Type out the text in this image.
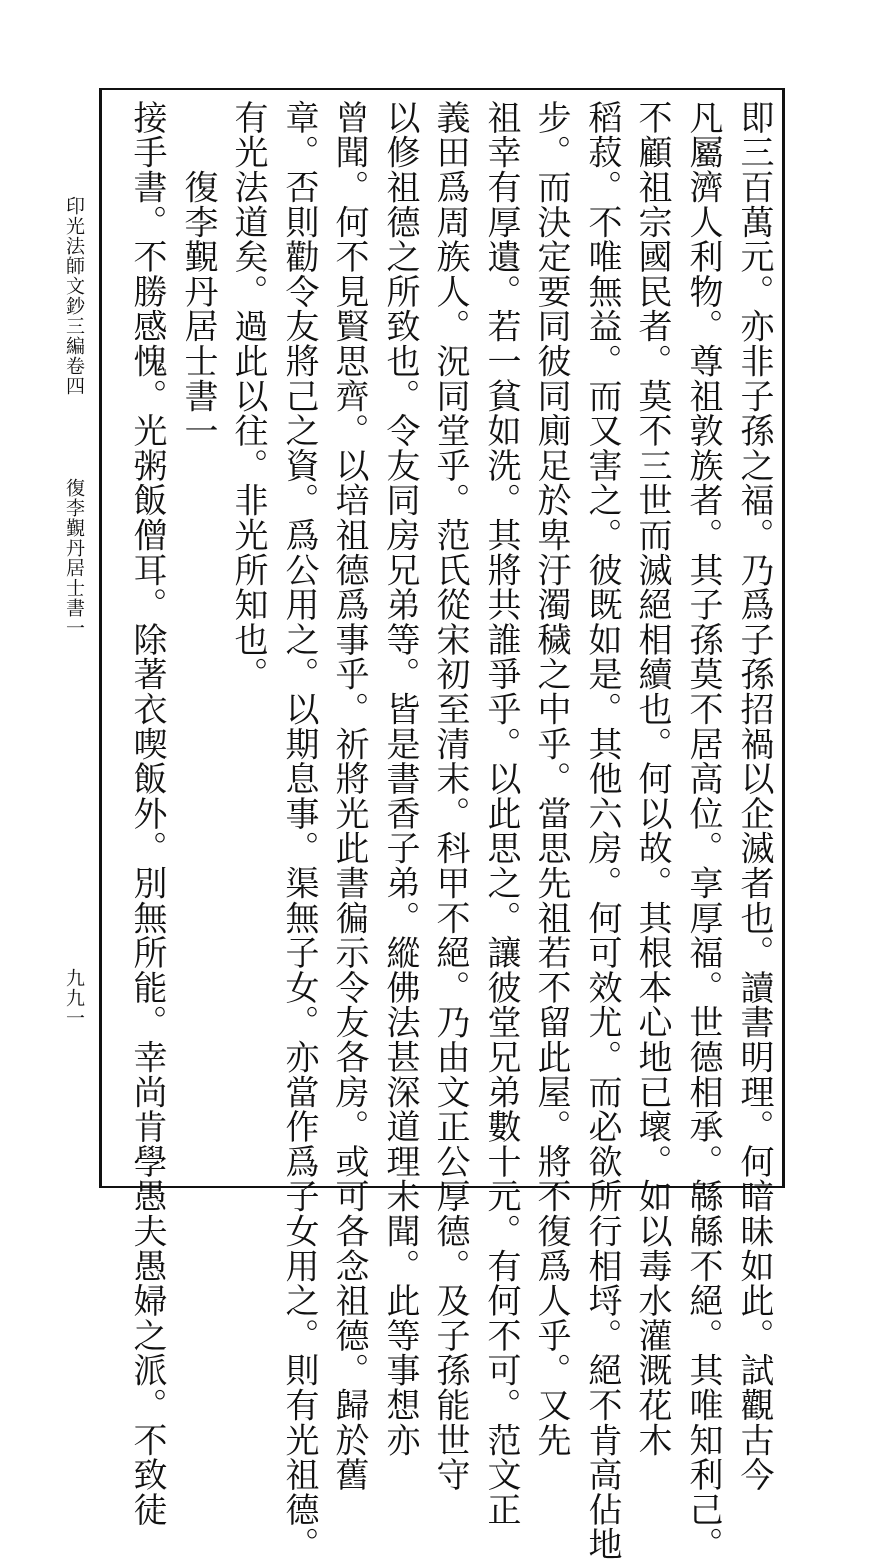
印光法師文鈔三編卷四
復李覲丹居士書一
九九一	即三百萬元。亦非子孫之福。乃爲子孫招禍以企滅者也。讀書明理。何暗昧如此。試觀古今
凡屬濟人利物。尊祖敦族者。其子孫莫不居高位。享厚福。世德相承。緜緜不絕。其唯知利己。
不顧祖宗國民者。莫不三世而滅絕相續也。何以故。其根本心地已壞。如以毒水灌溉花木
稻菽。不唯無益。而又害之。彼既如是。其他六房。何可效尤。而必欲所行相埒。絕不肯高佔地
步。而決定要同彼同廁足於卑汙濁穢之中乎。當思先祖若不留此屋。將不復爲人乎。又先
祖幸有厚遺。若一貧如洗。其將共誰爭乎。以此思之。讓彼堂兄弟數十元。有何不可。范文正
義田爲周族人。況同堂乎。范氏從宋初至清末。科甲不絕。乃由文正公厚德。及子孫能世守
以修祖德之所致也。令友同房兄弟等。皆是書香子弟。縱佛法甚深道理未聞。此等事想亦
曾聞。何不見賢思齊。以培祖德爲事乎。祈將光此書徧示令友各房。或可各念祖德。歸於舊
章。否則勸令友將己之資。爲公用之。以期息事。渠無子女。亦當作爲子女用之。則有光祖德。
有光法道矣。過此以往。非光所知也。
　　復李覲丹居士書一
接手書。不勝感愧。光粥飯僧耳。除著衣喫飯外。別無所能。幸尚肯學愚夫愚婦之派。不致徒
